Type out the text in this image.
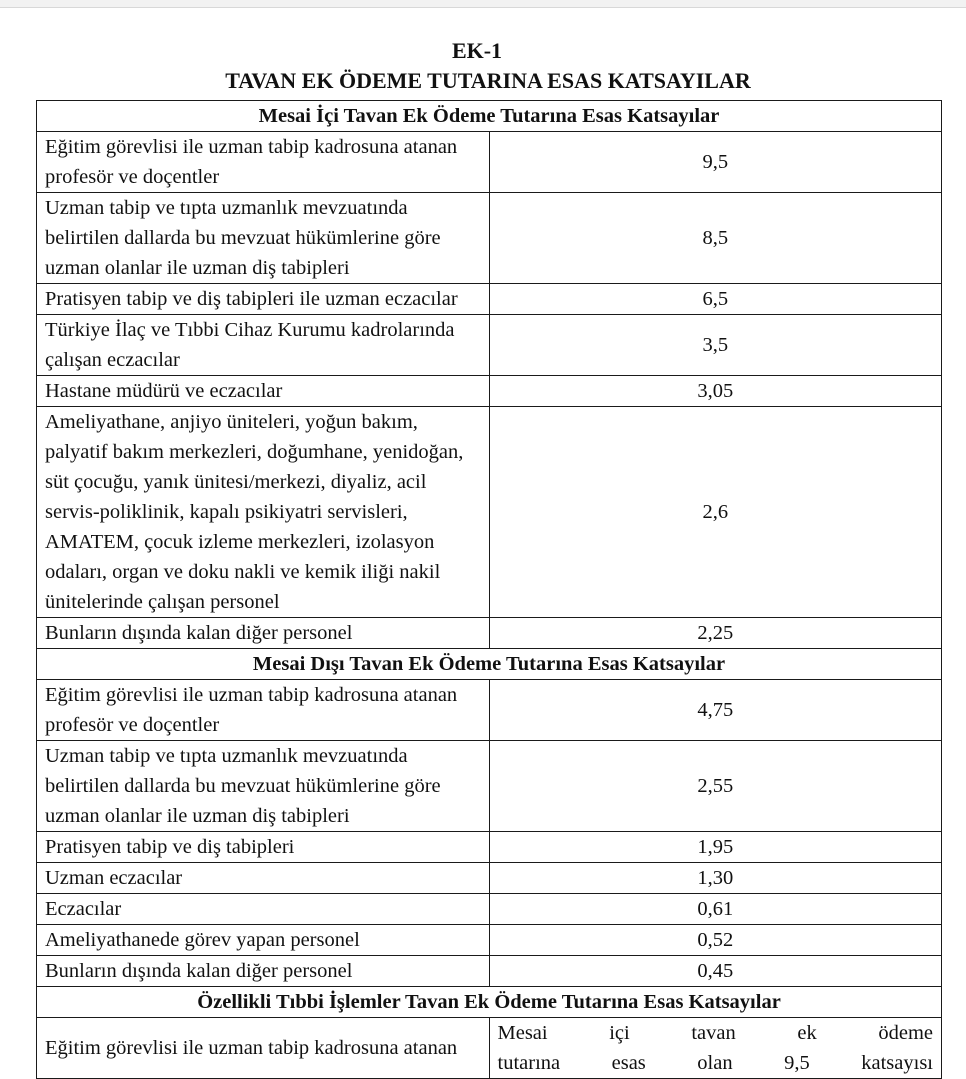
EK-1
TAVAN EK ÖDEME TUTARINA ESAS KATSAYILAR
Mesai İçi Tavan Ek Ödeme Tutarına Esas Katsayılar	
Eğitim görevlisi ile uzman tabip kadrosuna atanan profesör ve doçentler	9,5
Uzman tabip ve tıpta uzmanlık mevzuatında belirtilen dallarda bu mevzuat hükümlerine göre uzman olanlar ile uzman diş tabipleri	8,5
Pratisyen tabip ve diş tabipleri ile uzman eczacılar	6,5
Türkiye İlaç ve Tıbbi Cihaz Kurumu kadrolarında çalışan eczacılar	3,5
Hastane müdürü ve eczacılar	3,05
Ameliyathane, anjiyo üniteleri, yoğun bakım, palyatif bakım merkezleri, doğumhane, yenidoğan, süt çocuğu, yanık ünitesi/merkezi, diyaliz, acil servis-poliklinik, kapalı psikiyatri servisleri, AMATEM, çocuk izleme merkezleri, izolasyon odaları, organ ve doku nakli ve kemik iliği nakil ünitelerinde çalışan personel	2,6
Bunların dışında kalan diğer personel	2,25
Mesai Dışı Tavan Ek Ödeme Tutarına Esas Katsayılar	
Eğitim görevlisi ile uzman tabip kadrosuna atanan profesör ve doçentler	4,75
Uzman tabip ve tıpta uzmanlık mevzuatında belirtilen dallarda bu mevzuat hükümlerine göre uzman olanlar ile uzman diş tabipleri	2,55
Pratisyen tabip ve diş tabipleri	1,95
Uzman eczacılar	1,30
Eczacılar	0,61
Ameliyathanede görev yapan personel	0,52
Bunların dışında kalan diğer personel	0,45
Özellikli Tıbbi İşlemler Tavan Ek Ödeme Tutarına Esas Katsayılar	
Eğitim görevlisi ile uzman tabip kadrosuna atanan	Mesai içi tavan ek ödeme
tutarına esas olan 9,5 katsayısı
